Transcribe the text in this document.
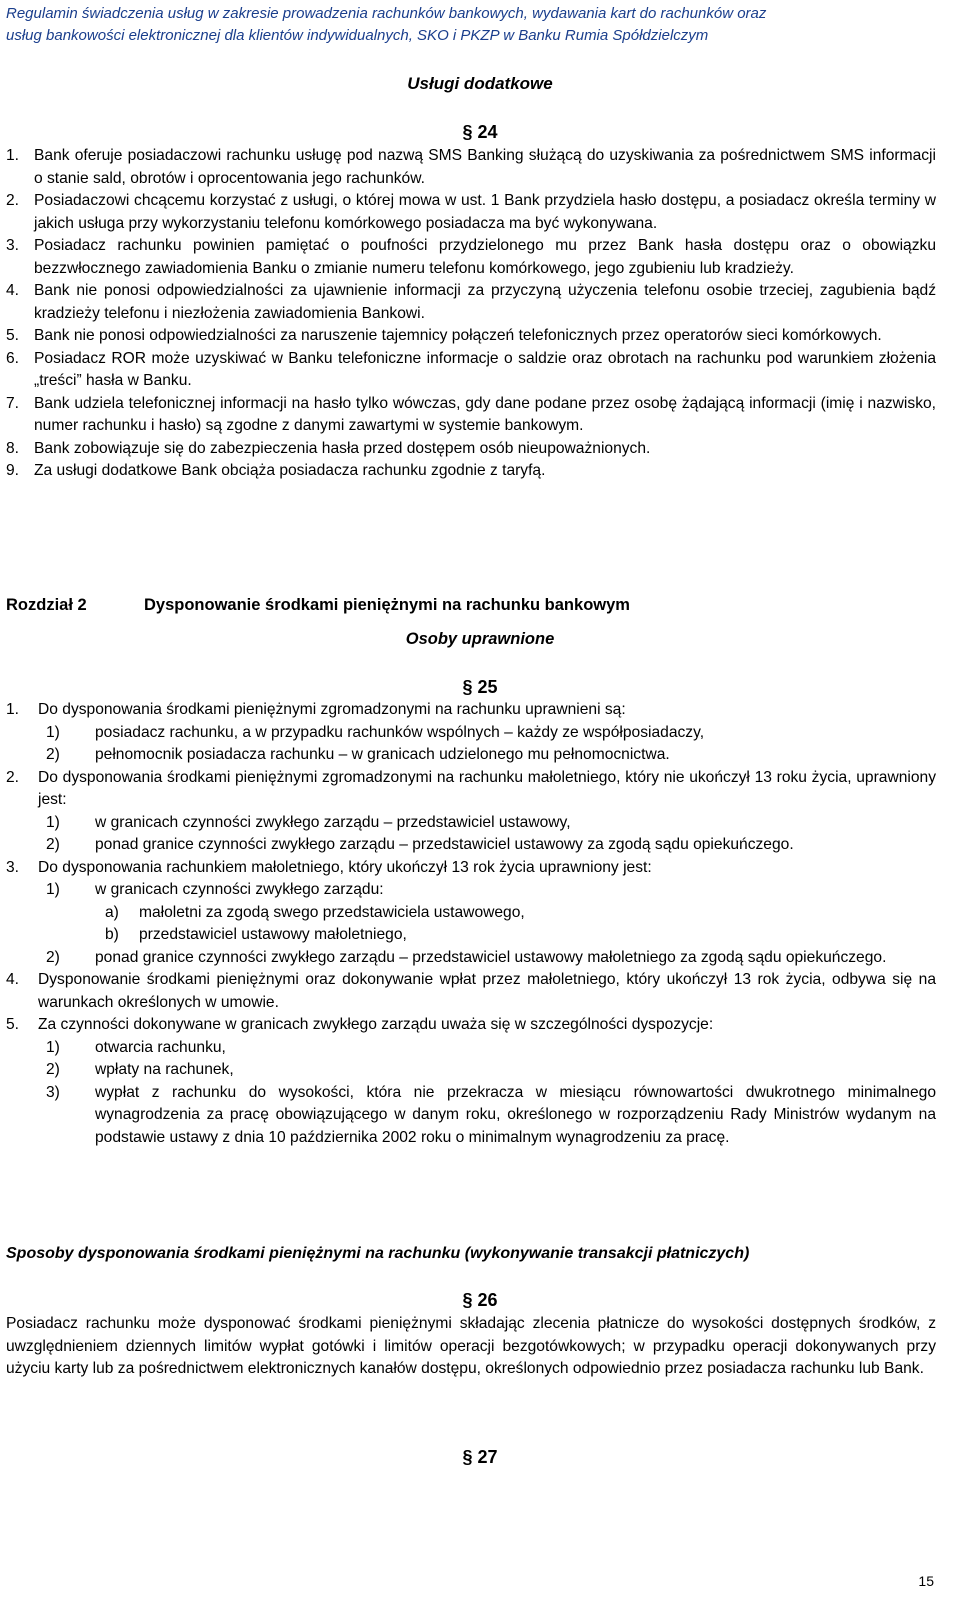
Regulamin świadczenia usług w zakresie prowadzenia rachunków bankowych, wydawania kart do rachunków oraz
usług bankowości elektronicznej dla klientów indywidualnych, SKO i PKZP w Banku Rumia Spółdzielczym
Usługi dodatkowe
§ 24
1. Bank oferuje posiadaczowi rachunku usługę pod nazwą SMS Banking służącą do uzyskiwania za pośrednictwem SMS informacji o stanie sald, obrotów i oprocentowania jego rachunków.
2. Posiadaczowi chcącemu korzystać z usługi, o której mowa w ust. 1 Bank przydziela hasło dostępu, a posiadacz określa terminy w jakich usługa przy wykorzystaniu telefonu komórkowego posiadacza ma być wykonywana.
3. Posiadacz rachunku powinien pamiętać o poufności przydzielonego mu przez Bank hasła dostępu oraz o obowiązku bezzwłocznego zawiadomienia Banku o zmianie numeru telefonu komórkowego, jego zgubieniu lub kradzieży.
4. Bank nie ponosi odpowiedzialności za ujawnienie informacji za przyczyną użyczenia telefonu osobie trzeciej, zagubienia bądź kradzieży telefonu i niezłożenia zawiadomienia Bankowi.
5. Bank nie ponosi odpowiedzialności za naruszenie tajemnicy połączeń telefonicznych przez operatorów sieci komórkowych.
6. Posiadacz ROR może uzyskiwać w Banku telefoniczne informacje o saldzie oraz obrotach na rachunku pod warunkiem złożenia „treści” hasła w Banku.
7. Bank udziela telefonicznej informacji na hasło tylko wówczas, gdy dane podane przez osobę żądającą informacji (imię i nazwisko, numer rachunku i hasło) są zgodne z danymi zawartymi w systemie bankowym.
8. Bank zobowiązuje się do zabezpieczenia hasła przed dostępem osób nieupoważnionych.
9. Za usługi dodatkowe Bank obciąża posiadacza rachunku zgodnie z taryfą.
Rozdział 2	Dysponowanie środkami pieniężnymi na rachunku bankowym
Osoby uprawnione
§ 25
1. Do dysponowania środkami pieniężnymi zgromadzonymi na rachunku uprawnieni są:
1) posiadacz rachunku, a w przypadku rachunków wspólnych – każdy ze współposiadaczy,
2) pełnomocnik posiadacza rachunku – w granicach udzielonego mu pełnomocnictwa.
2. Do dysponowania środkami pieniężnymi zgromadzonymi na rachunku małoletniego, który nie ukończył 13 roku życia, uprawniony jest:
1) w granicach czynności zwykłego zarządu – przedstawiciel ustawowy,
2) ponad granice czynności zwykłego zarządu – przedstawiciel ustawowy za zgodą sądu opiekuńczego.
3. Do dysponowania rachunkiem małoletniego, który ukończył 13 rok życia uprawniony jest:
1) w granicach czynności zwykłego zarządu:
a) małoletni za zgodą swego przedstawiciela ustawowego,
b) przedstawiciel ustawowy małoletniego,
2) ponad granice czynności zwykłego zarządu – przedstawiciel ustawowy małoletniego za zgodą sądu opiekuńczego.
4. Dysponowanie środkami pieniężnymi oraz dokonywanie wpłat przez małoletniego, który ukończył 13 rok życia, odbywa się na warunkach określonych w umowie.
5. Za czynności dokonywane w granicach zwykłego zarządu uważa się w szczególności dyspozycje:
1) otwarcia rachunku,
2) wpłaty na rachunek,
3) wypłat z rachunku do wysokości, która nie przekracza w miesiącu równowartości dwukrotnego minimalnego wynagrodzenia za pracę obowiązującego w danym roku, określonego w rozporządzeniu Rady Ministrów wydanym na podstawie ustawy z dnia 10 października 2002 roku o minimalnym wynagrodzeniu za pracę.
Sposoby dysponowania środkami pieniężnymi na rachunku (wykonywanie transakcji płatniczych)
§ 26
Posiadacz rachunku może dysponować środkami pieniężnymi składając zlecenia płatnicze do wysokości dostępnych środków, z uwzględnieniem dziennych limitów wypłat gotówki i limitów operacji bezgotówkowych; w przypadku operacji dokonywanych przy użyciu karty lub za pośrednictwem elektronicznych kanałów dostępu, określonych odpowiednio przez posiadacza rachunku lub Bank.
§ 27
15
